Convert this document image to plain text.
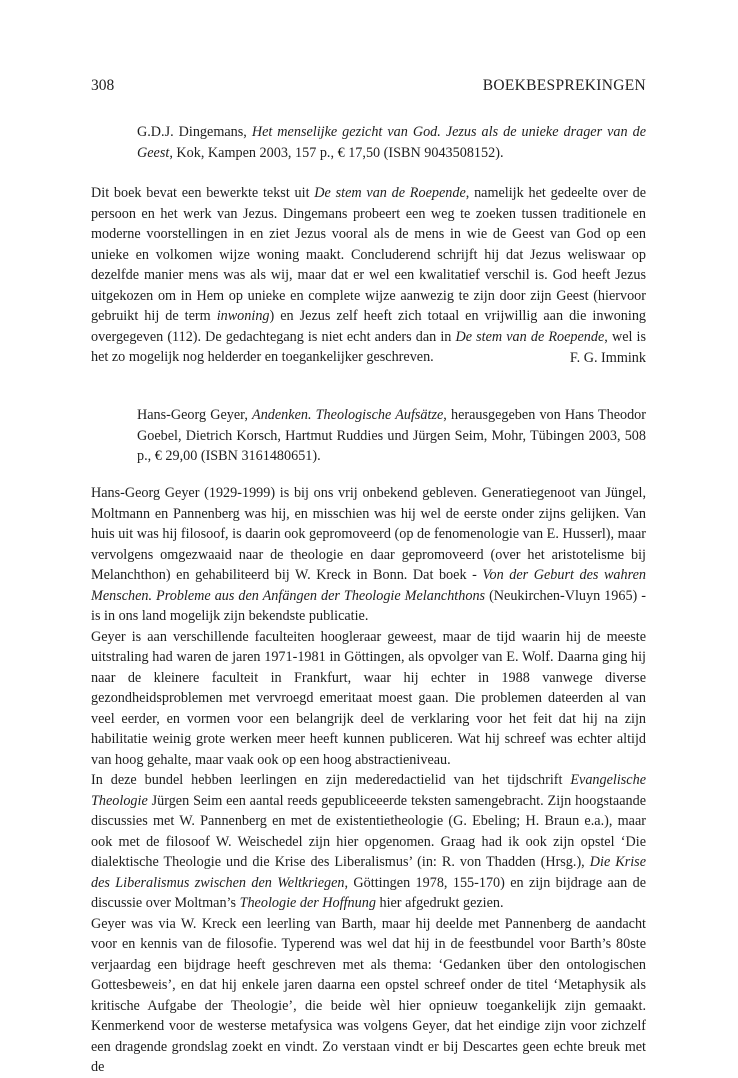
308	BOEKBESPREKINGEN
G.D.J. Dingemans, Het menselijke gezicht van God. Jezus als de unieke drager van de Geest, Kok, Kampen 2003, 157 p., € 17,50 (ISBN 9043508152).

Dit boek bevat een bewerkte tekst uit De stem van de Roepende, namelijk het gedeelte over de persoon en het werk van Jezus. Dingemans probeert een weg te zoeken tussen traditionele en moderne voorstellingen in en ziet Jezus vooral als de mens in wie de Geest van God op een unieke en volkomen wijze woning maakt. Concluderend schrijft hij dat Jezus weliswaar op dezelfde manier mens was als wij, maar dat er wel een kwalitatief verschil is. God heeft Jezus uitgekozen om in Hem op unieke en complete wijze aanwezig te zijn door zijn Geest (hiervoor gebruikt hij de term inwoning) en Jezus zelf heeft zich totaal en vrijwillig aan die inwoning overgegeven (112). De gedachtegang is niet echt anders dan in De stem van de Roepende, wel is het zo mogelijk nog helderder en toegankelijker geschreven.	F. G. Immink
Hans-Georg Geyer, Andenken. Theologische Aufsätze, herausgegeben von Hans Theodor Goebel, Dietrich Korsch, Hartmut Ruddies und Jürgen Seim, Mohr, Tübingen 2003, 508 p., € 29,00 (ISBN 3161480651).

Hans-Georg Geyer (1929-1999) is bij ons vrij onbekend gebleven. Generatiegenoot van Jüngel, Moltmann en Pannenberg was hij, en misschien was hij wel de eerste onder zijns gelijken. Van huis uit was hij filosoof, is daarin ook gepromoveerd (op de fenomenologie van E. Husserl), maar vervolgens omgezwaaid naar de theologie en daar gepromoveerd (over het aristotelisme bij Melanchthon) en gehabiliteerd bij W. Kreck in Bonn. Dat boek - Von der Geburt des wahren Menschen. Probleme aus den Anfängen der Theologie Melanchthons (Neukirchen-Vluyn 1965) - is in ons land mogelijk zijn bekendste publicatie.

Geyer is aan verschillende faculteiten hoogleraar geweest, maar de tijd waarin hij de meeste uitstraling had waren de jaren 1971-1981 in Göttingen, als opvolger van E. Wolf. Daarna ging hij naar de kleinere faculteit in Frankfurt, waar hij echter in 1988 vanwege diverse gezondheidsproblemen met vervroegd emeritaat moest gaan. Die problemen dateerden al van veel eerder, en vormen voor een belangrijk deel de verklaring voor het feit dat hij na zijn habilitatie weinig grote werken meer heeft kunnen publiceren. Wat hij schreef was echter altijd van hoog gehalte, maar vaak ook op een hoog abstractieniveau.

In deze bundel hebben leerlingen en zijn mederedactielid van het tijdschrift Evangelische Theologie Jürgen Seim een aantal reeds gepubliceeerde teksten samengebracht. Zijn hoogstaande discussies met W. Pannenberg en met de existentietheologie (G. Ebeling; H. Braun e.a.), maar ook met de filosoof W. Weischedel zijn hier opgenomen. Graag had ik ook zijn opstel ‘Die dialektische Theologie und die Krise des Liberalismus’ (in: R. von Thadden (Hrsg.), Die Krise des Liberalismus zwischen den Weltkriegen, Göttingen 1978, 155-170) en zijn bijdrage aan de discussie over Moltman’s Theologie der Hoffnung hier afgedrukt gezien.

Geyer was via W. Kreck een leerling van Barth, maar hij deelde met Pannenberg de aandacht voor en kennis van de filosofie. Typerend was wel dat hij in de feestbundel voor Barth’s 80ste verjaardag een bijdrage heeft geschreven met als thema: ‘Gedanken über den ontologischen Gottesbeweis’, en dat hij enkele jaren daarna een opstel schreef onder de titel ‘Metaphysik als kritische Aufgabe der Theologie’, die beide wèl hier opnieuw toegankelijk zijn gemaakt. Kenmerkend voor de westerse metafysica was volgens Geyer, dat het eindige zijn voor zichzelf een dragende grondslag zoekt en vindt. Zo verstaan vindt er bij Descartes geen echte breuk met de
